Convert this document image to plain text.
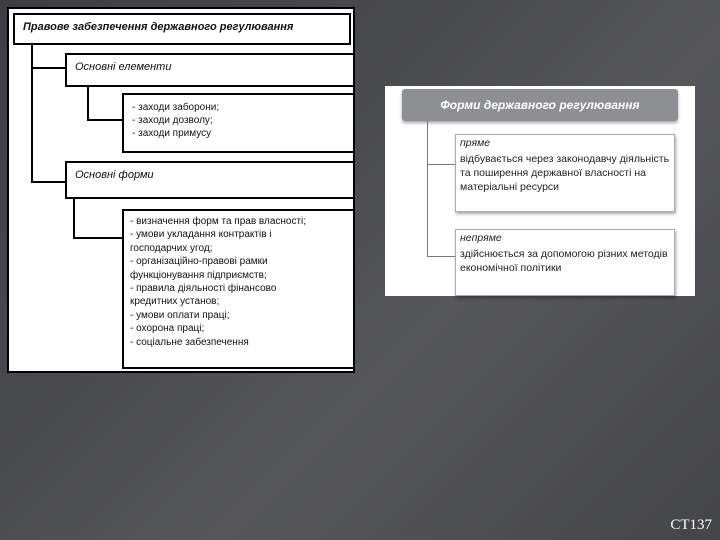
Правове забезпечення державного регулювання
Основні елементи
- заходи заборони;
- заходи дозволу;
- заходи примусу
Основні форми
- визначення форм та прав власності;
- умови укладання контрактів і
господарчих угод;
- організаційно-правові рамки
функціонування підприємств;
- правила діяльності фінансово
кредитних установ;
- умови оплати праці;
- охорона праці;
- соціальне забезпечення
Форми державного регулювання
пряме
відбувається через законодавчу діяльність та поширення державної власності на матеріальні ресурси
непряме
здійснюється за допомогою різних методів економічної політики
СТ137
